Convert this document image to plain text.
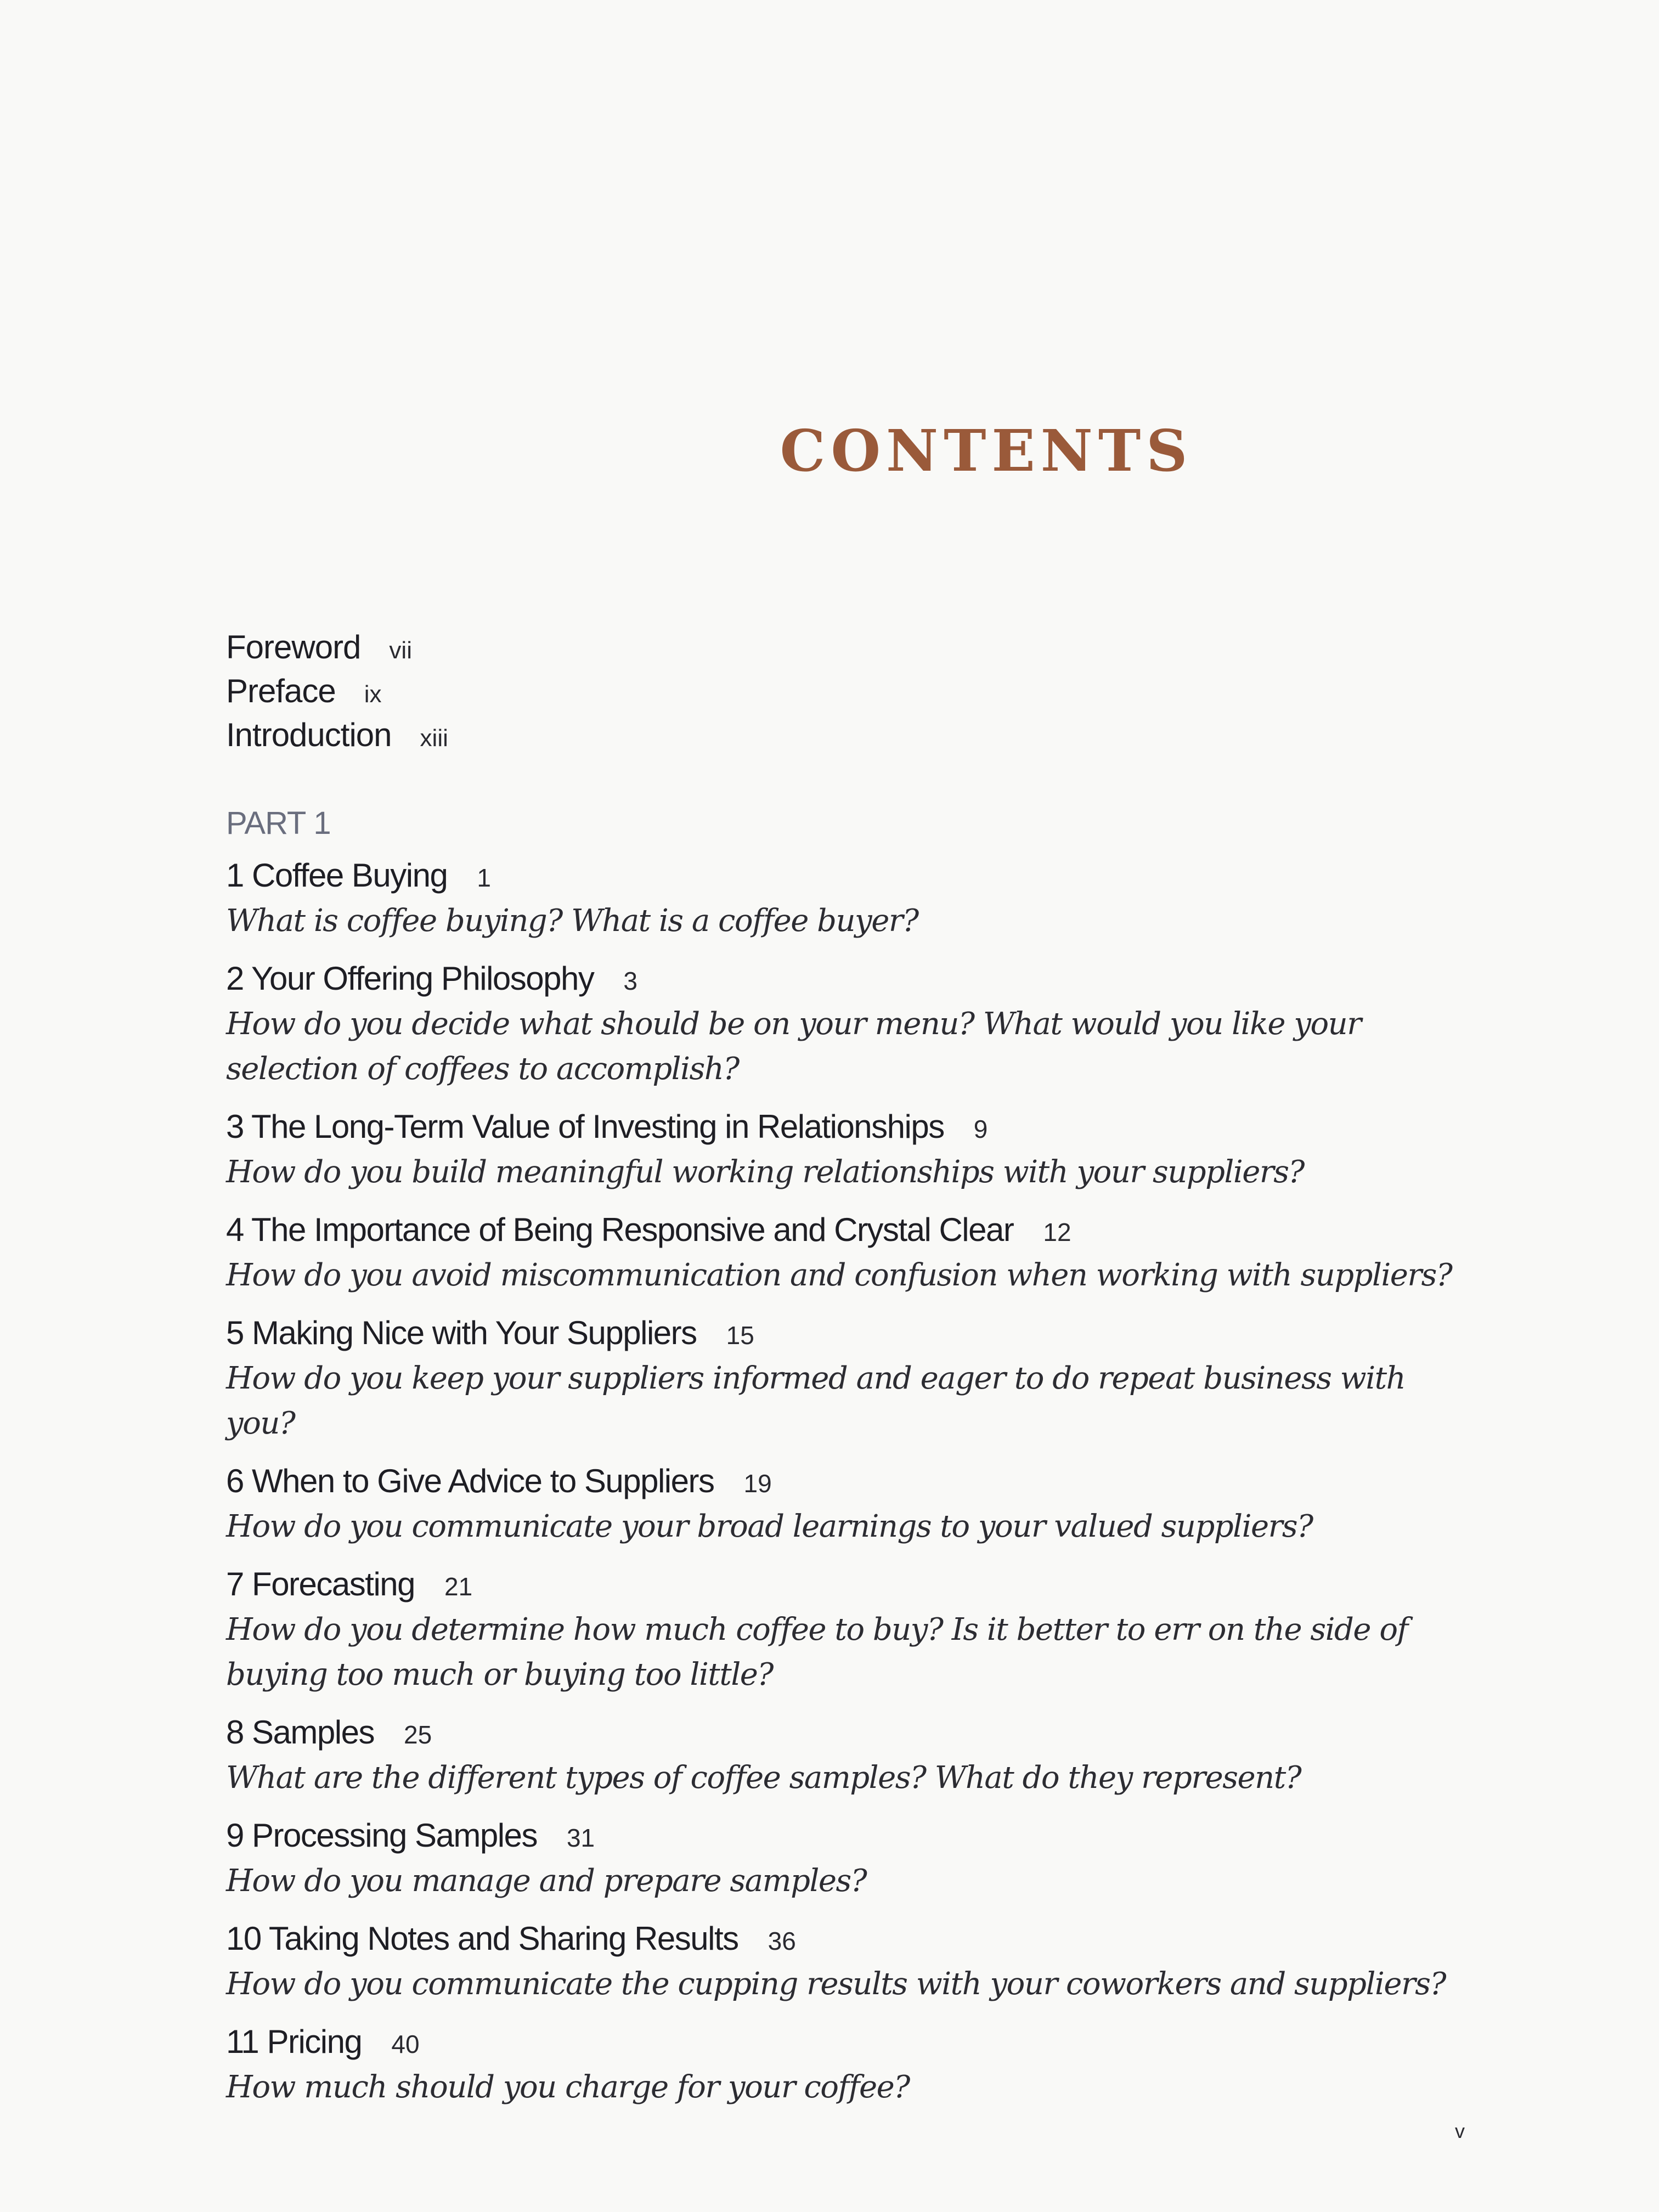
CONTENTS
Foreword vii
Preface ix
Introduction xiii
PART 1
1 Coffee Buying 1
What is coffee buying? What is a coffee buyer?
2 Your Offering Philosophy 3
How do you decide what should be on your menu? What would you like your selection of coffees to accomplish?
3 The Long-Term Value of Investing in Relationships 9
How do you build meaningful working relationships with your suppliers?
4 The Importance of Being Responsive and Crystal Clear 12
How do you avoid miscommunication and confusion when working with suppliers?
5 Making Nice with Your Suppliers 15
How do you keep your suppliers informed and eager to do repeat business with you?
6 When to Give Advice to Suppliers 19
How do you communicate your broad learnings to your valued suppliers?
7 Forecasting 21
How do you determine how much coffee to buy? Is it better to err on the side of buying too much or buying too little?
8 Samples 25
What are the different types of coffee samples? What do they represent?
9 Processing Samples 31
How do you manage and prepare samples?
10 Taking Notes and Sharing Results 36
How do you communicate the cupping results with your coworkers and suppliers?
11 Pricing 40
How much should you charge for your coffee?
v
